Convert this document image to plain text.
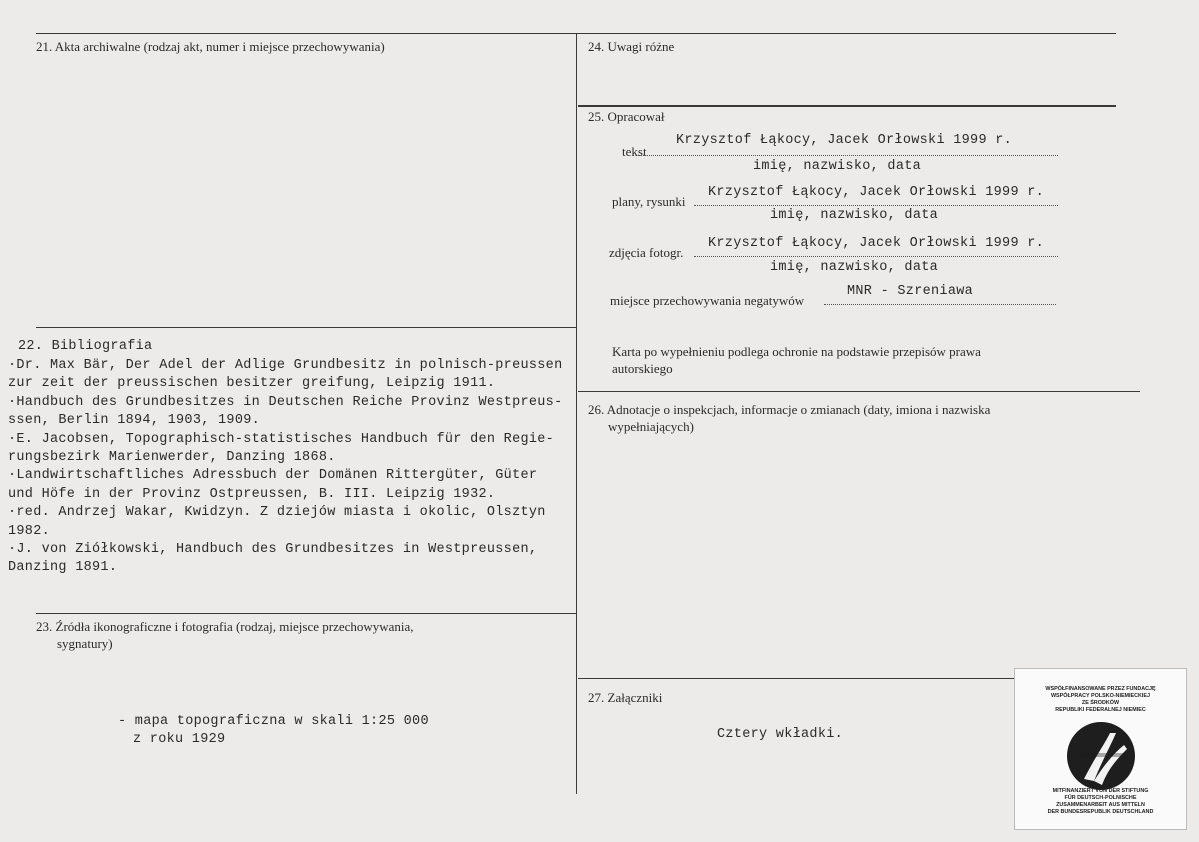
21. Akta archiwalne (rodzaj akt, numer i miejsce przechowywania)
22. Bibliografia

·Dr. Max Bär, Der Adel der Adlige Grundbesitz in polnisch-preussen

zur zeit der preussischen besitzer greifung, Leipzig 1911.

·Handbuch des Grundbesitzes in Deutschen Reiche Provinz Westpreus-

ssen, Berlin 1894, 1903, 1909.

·E. Jacobsen, Topographisch-statistisches Handbuch für den Regie-

rungsbezirk Marienwerder, Danzing 1868.

·Landwirtschaftliches Adressbuch der Domänen Rittergüter, Güter

und Höfe in der Provinz Ostpreussen, B. III. Leipzig 1932.

·red. Andrzej Wakar, Kwidzyn. Z dziejów miasta i okolic, Olsztyn

1982.

·J. von Ziółkowski, Handbuch des Grundbesitzes in Westpreussen,

Danzing 1891.

23. Źródła ikonograficzne i fotografia (rodzaj, miejsce przechowywania,
sygnatury)
- mapa topograficzna w skali 1:25 000
z roku 1929
24. Uwagi różne
25. Opracował
tekst
Krzysztof Łąkocy, Jacek Orłowski 1999 r.
imię, nazwisko, data
plany, rysunki
Krzysztof Łąkocy, Jacek Orłowski 1999 r.
imię, nazwisko, data
zdjęcia fotogr.
Krzysztof Łąkocy, Jacek Orłowski 1999 r.
imię, nazwisko, data
miejsce przechowywania negatywów
MNR - Szreniawa
Karta po wypełnieniu podlega ochronie na podstawie przepisów prawa
autorskiego
26. Adnotacje o inspekcjach, informacje o zmianach (daty, imiona i nazwiska
wypełniających)
27. Załączniki
Cztery wkładki.
WSPÓŁFINANSOWANE PRZEZ FUNDACJĘ
WSPÓŁPRACY POLSKO-NIEMIECKIEJ
ZE ŚRODKÓW
REPUBLIKI FEDERALNEJ NIEMIEC
MITFINANZIERT VON DER STIFTUNG
FÜR DEUTSCH-POLNISCHE
ZUSAMMENARBEIT AUS MITTELN
DER BUNDESREPUBLIK DEUTSCHLAND
